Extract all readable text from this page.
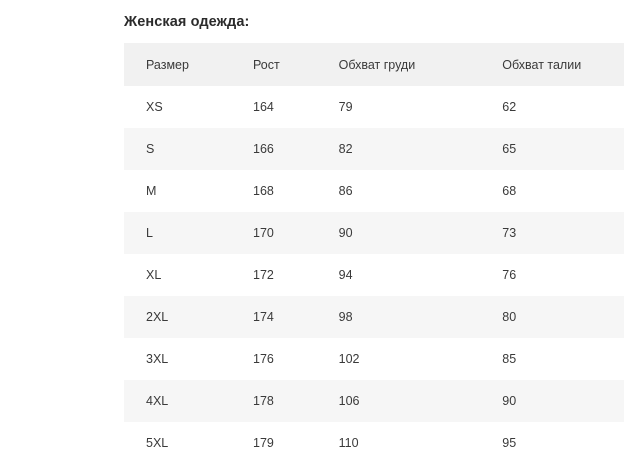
Женская одежда:
Размер	Рост	Обхват груди	Обхват талии
XS	164	79	62
S	166	82	65
M	168	86	68
L	170	90	73
XL	172	94	76
2XL	174	98	80
3XL	176	102	85
4XL	178	106	90
5XL	179	110	95
